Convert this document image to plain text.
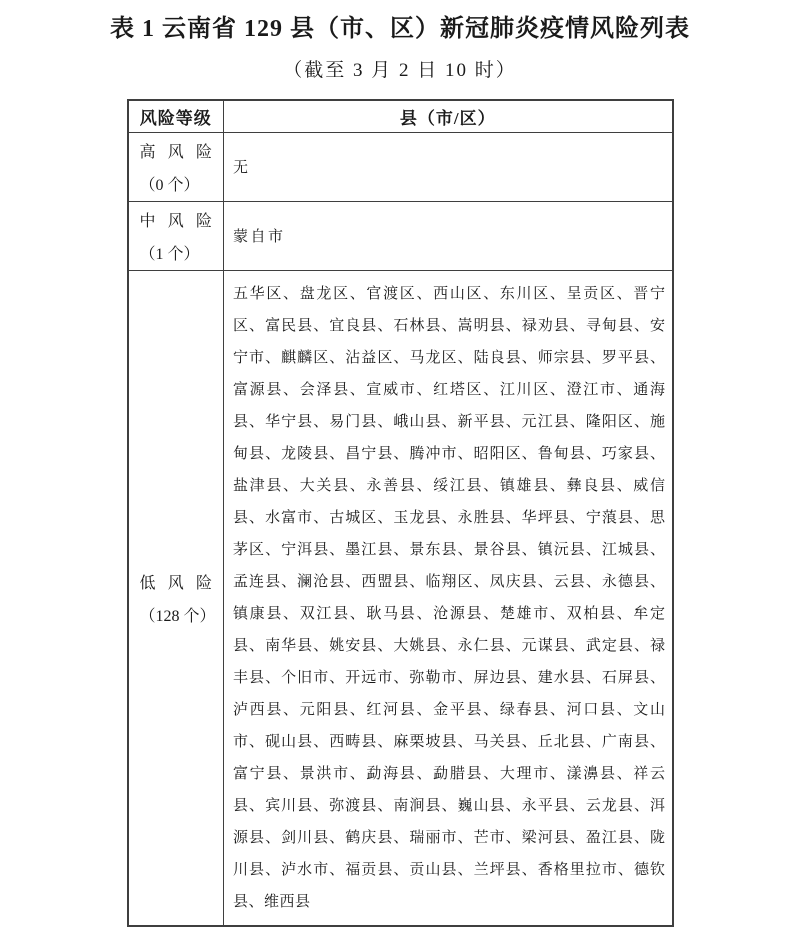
表 1 云南省 129 县（市、区）新冠肺炎疫情风险列表
（截至 3 月 2 日 10 时）
风险等级	县（市/区）

高风险
（0 个）	无

中风险
（1 个）	蒙自市

低风险
（128 个）	五华区、盘龙区、官渡区、西山区、东川区、呈贡区、晋宁区、富民县、宜良县、石林县、嵩明县、禄劝县、寻甸县、安宁市、麒麟区、沾益区、马龙区、陆良县、师宗县、罗平县、富源县、会泽县、宣威市、红塔区、江川区、澄江市、通海县、华宁县、易门县、峨山县、新平县、元江县、隆阳区、施甸县、龙陵县、昌宁县、腾冲市、昭阳区、鲁甸县、巧家县、盐津县、大关县、永善县、绥江县、镇雄县、彝良县、威信县、水富市、古城区、玉龙县、永胜县、华坪县、宁蒗县、思茅区、宁洱县、墨江县、景东县、景谷县、镇沅县、江城县、孟连县、澜沧县、西盟县、临翔区、凤庆县、云县、永德县、镇康县、双江县、耿马县、沧源县、楚雄市、双柏县、牟定县、南华县、姚安县、大姚县、永仁县、元谋县、武定县、禄丰县、个旧市、开远市、弥勒市、屏边县、建水县、石屏县、泸西县、元阳县、红河县、金平县、绿春县、河口县、文山市、砚山县、西畴县、麻栗坡县、马关县、丘北县、广南县、富宁县、景洪市、勐海县、勐腊县、大理市、漾濞县、祥云县、宾川县、弥渡县、南涧县、巍山县、永平县、云龙县、洱源县、剑川县、鹤庆县、瑞丽市、芒市、梁河县、盈江县、陇川县、泸水市、福贡县、贡山县、兰坪县、香格里拉市、德钦县、维西县
